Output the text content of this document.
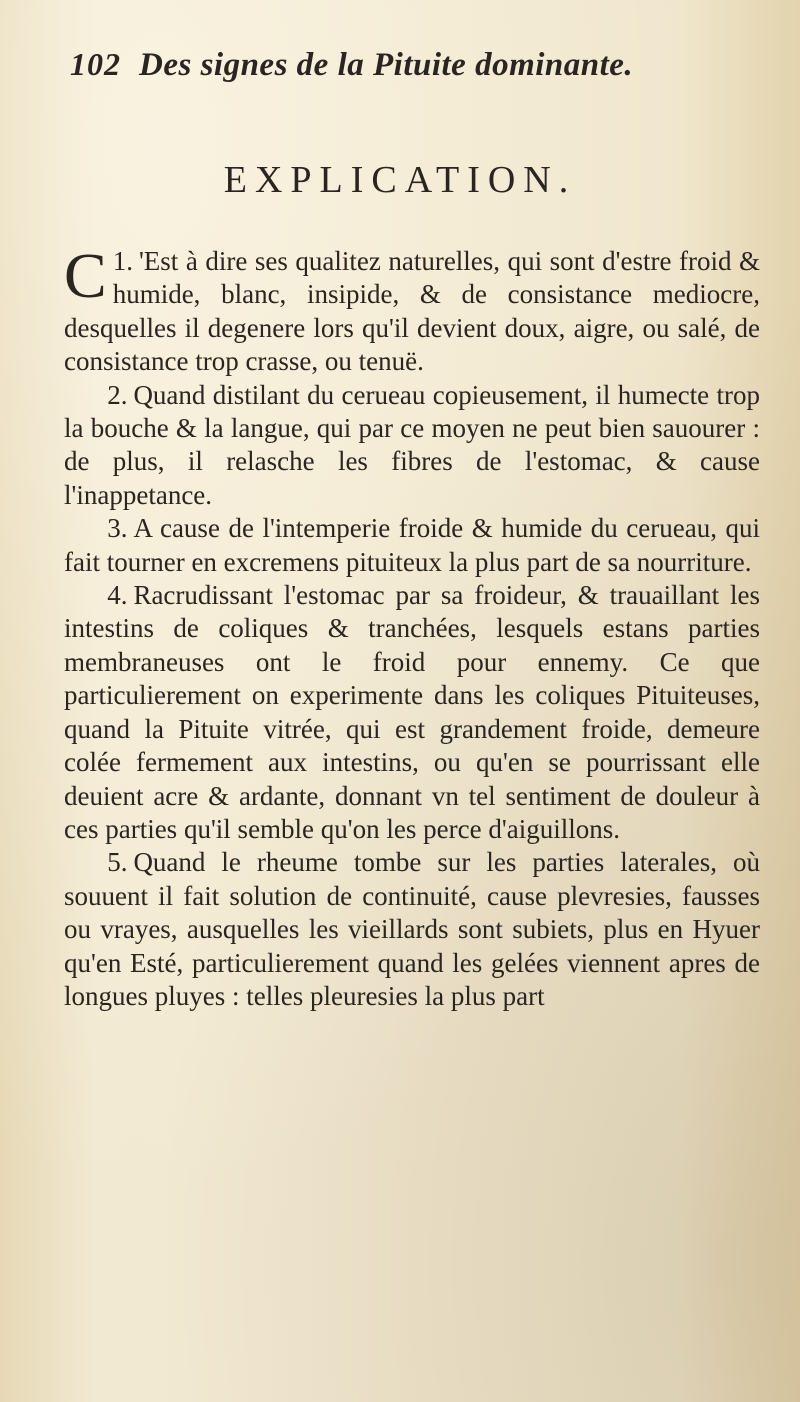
102 Des signes de la Pituite dominante.
EXPLICATION.

1.
C 'Est à dire ses qualitez naturelles, qui sont d'estre froid & humide, blanc, insipide, & de consistance mediocre, desquelles il degenere lors qu'il devient doux, aigre, ou salé, de consistance trop crasse, ou tenuë.

2. Quand distilant du cerueau copieusement, il humecte trop la bouche & la langue, qui par ce moyen ne peut bien sauourer : de plus, il relasche les fibres de l'estomac, & cause l'inappetance.

3. A cause de l'intemperie froide & humide du cerueau, qui fait tourner en excremens pituiteux la plus part de sa nourriture.

4. Racrudissant l'estomac par sa froideur, & trauaillant les intestins de coliques & tranchées, lesquels estans parties membraneuses ont le froid pour ennemy. Ce que particulierement on experimente dans les coliques Pituiteuses, quand la Pituite vitrée, qui est grandement froide, demeure colée fermement aux intestins, ou qu'en se pourrissant elle deuient acre & ardante, donnant vn tel sentiment de douleur à ces parties qu'il semble qu'on les perce d'aiguillons.

5. Quand le rheume tombe sur les parties laterales, où souuent il fait solution de continuité, cause plevresies, fausses ou vrayes, ausquelles les vieillards sont subiets, plus en Hyuer qu'en Esté, particulierement quand les gelées viennent apres de longues pluyes : telles pleuresies la plus part
